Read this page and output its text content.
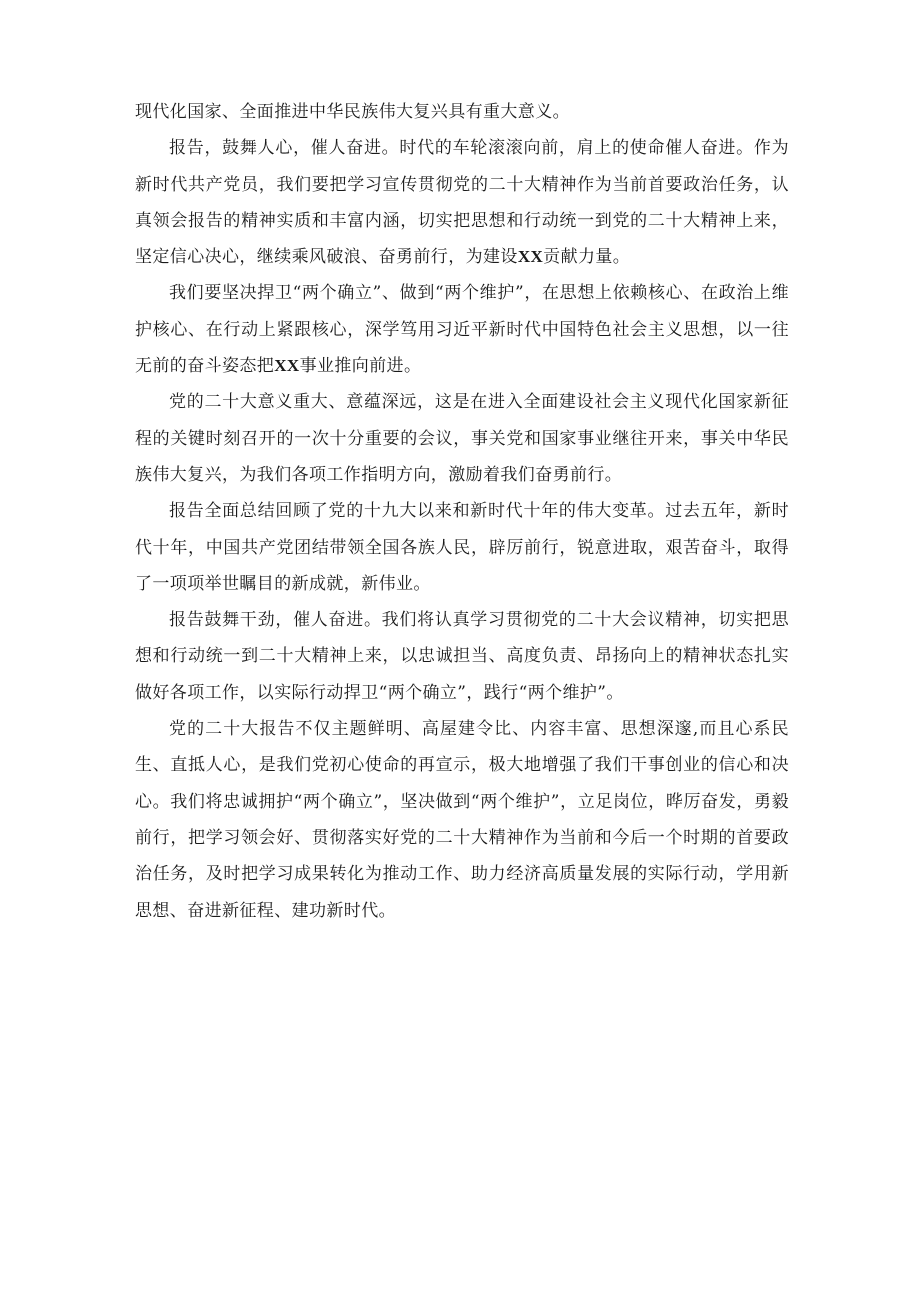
现代化国家、全面推进中华民族伟大复兴具有重大意义。

报告，鼓舞人心，催人奋进。时代的车轮滚滚向前，肩上的使命催人奋进。作为新时代共产党员，我们要把学习宣传贯彻党的二十大精神作为当前首要政治任务，认真领会报告的精神实质和丰富内涵，切实把思想和行动统一到党的二十大精神上来，坚定信心决心，继续乘风破浪、奋勇前行，为建设XX贡献力量。

我们要坚决捍卫“两个确立”、做到“两个维护”，在思想上依赖核心、在政治上维护核心、在行动上紧跟核心，深学笃用习近平新时代中国特色社会主义思想，以一往无前的奋斗姿态把XX事业推向前进。

党的二十大意义重大、意蕴深远，这是在进入全面建设社会主义现代化国家新征程的关键时刻召开的一次十分重要的会议，事关党和国家事业继往开来，事关中华民族伟大复兴，为我们各项工作指明方向，激励着我们奋勇前行。

报告全面总结回顾了党的十九大以来和新时代十年的伟大变革。过去五年，新时代十年，中国共产党团结带领全国各族人民，辟厉前行，锐意进取，艰苦奋斗，取得了一项项举世瞩目的新成就，新伟业。

报告鼓舞干劲，催人奋进。我们将认真学习贯彻党的二十大会议精神，切实把思想和行动统一到二十大精神上来，以忠诚担当、高度负责、昂扬向上的精神状态扎实做好各项工作，以实际行动捍卫“两个确立”，践行“两个维护”。

党的二十大报告不仅主题鲜明、高屋建令比、内容丰富、思想深邃,而且心系民生、直抵人心，是我们党初心使命的再宣示，极大地增强了我们干事创业的信心和决心。我们将忠诚拥护“两个确立”，坚决做到“两个维护”，立足岗位，晔厉奋发，勇毅前行，把学习领会好、贯彻落实好党的二十大精神作为当前和今后一个时期的首要政治任务，及时把学习成果转化为推动工作、助力经济高质量发展的实际行动，学用新思想、奋进新征程、建功新时代。
